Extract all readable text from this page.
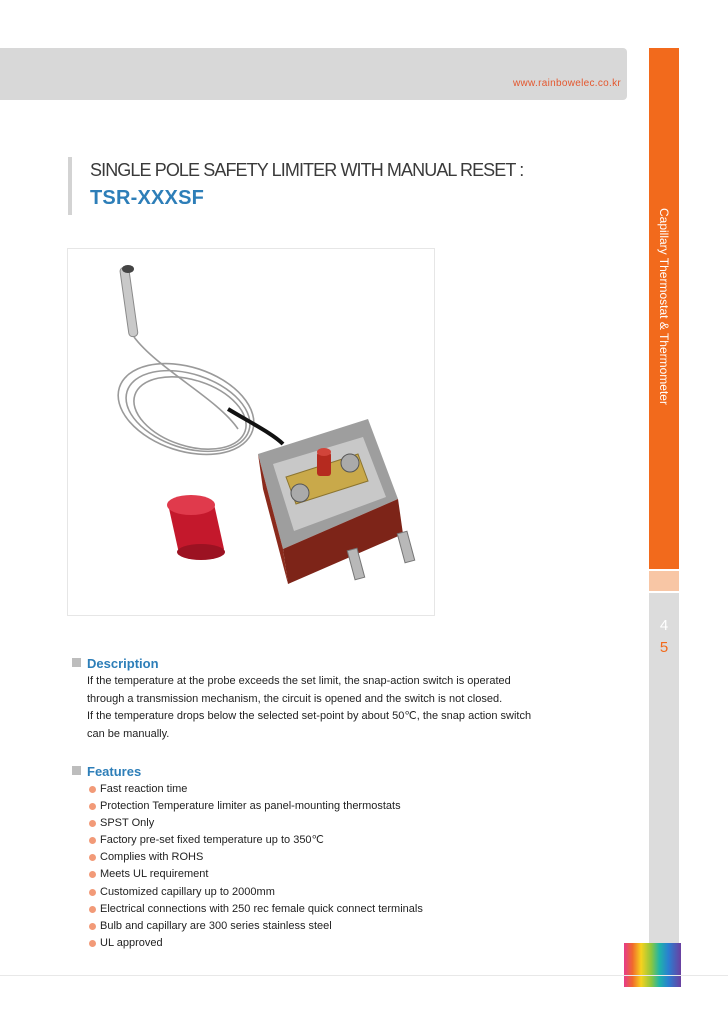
www.rainbowelec.co.kr
Capillary Thermostat & Thermometer
4
5
SINGLE POLE SAFETY LIMITER WITH MANUAL RESET :
TSR-XXXSF
Description
If the temperature at the probe exceeds the set limit, the snap-action switch is operated
through a transmission mechanism, the circuit is opened and the switch is not closed.
If the temperature drops below the selected set-point by about 50℃, the snap action switch
can be manually.
Features
Fast reaction time
Protection Temperature limiter as panel-mounting thermostats
SPST Only
Factory pre-set fixed temperature up to 350℃
Complies with ROHS
Meets UL requirement
Customized capillary up to 2000mm
Electrical connections with 250 rec female quick connect terminals
Bulb and capillary are 300 series stainless steel
UL approved
